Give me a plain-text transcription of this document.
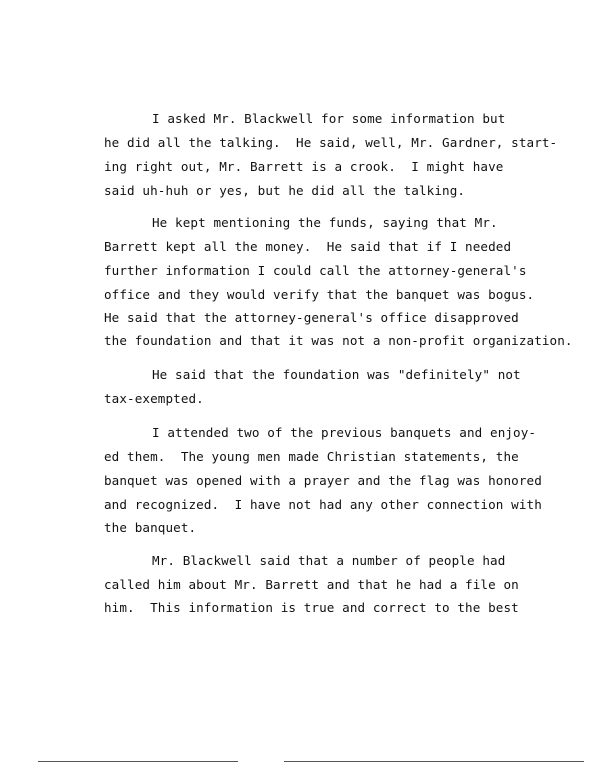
I asked Mr. Blackwell for some information but
he did all the talking.  He said, well, Mr. Gardner, start-
ing right out, Mr. Barrett is a crook.  I might have
said uh-huh or yes, but he did all the talking.
He kept mentioning the funds, saying that Mr.
Barrett kept all the money.  He said that if I needed
further information I could call the attorney-general's
office and they would verify that the banquet was bogus.
He said that the attorney-general's office disapproved
the foundation and that it was not a non-profit organization.
He said that the foundation was "definitely" not
tax-exempted.
I attended two of the previous banquets and enjoy-
ed them.  The young men made Christian statements, the
banquet was opened with a prayer and the flag was honored
and recognized.  I have not had any other connection with
the banquet.
Mr. Blackwell said that a number of people had
called him about Mr. Barrett and that he had a file on
him.  This information is true and correct to the best
